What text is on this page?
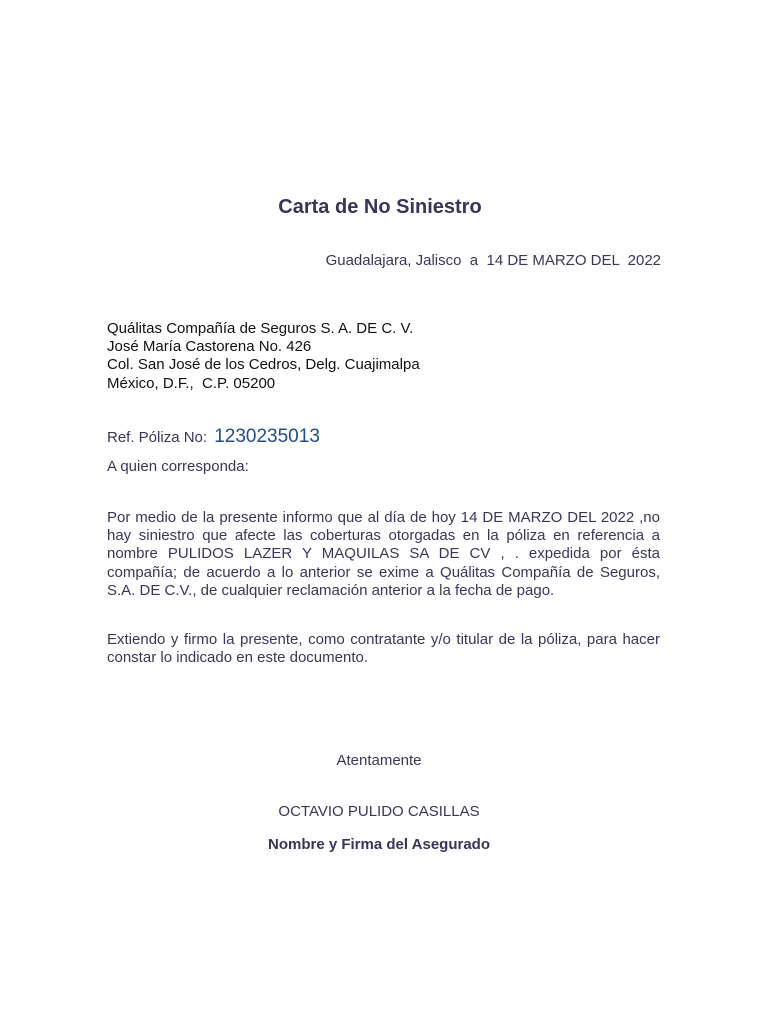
Carta de No Siniestro
Guadalajara, Jalisco  a  14 DE MARZO DEL  2022
Quálitas Compañía de Seguros S. A. DE C. V.
José María Castorena No. 426
Col. San José de los Cedros, Delg. Cuajimalpa
México, D.F.,  C.P. 05200
Ref. Póliza No: 1230235013
A quien corresponda:

Por medio de la presente informo que al día de hoy 14 DE MARZO DEL 2022 ,no hay siniestro que afecte las coberturas otorgadas en la póliza en referencia a nombre PULIDOS LAZER Y MAQUILAS SA DE CV , . expedida por ésta compañía; de acuerdo a lo anterior se exime a Quálitas Compañía de Seguros, S.A. DE C.V., de cualquier reclamación anterior a la fecha de pago.

Extiendo y firmo la presente, como contratante y/o titular de la póliza, para hacer constar lo indicado en este documento.

Atentamente
OCTAVIO PULIDO CASILLAS
Nombre y Firma del Asegurado
